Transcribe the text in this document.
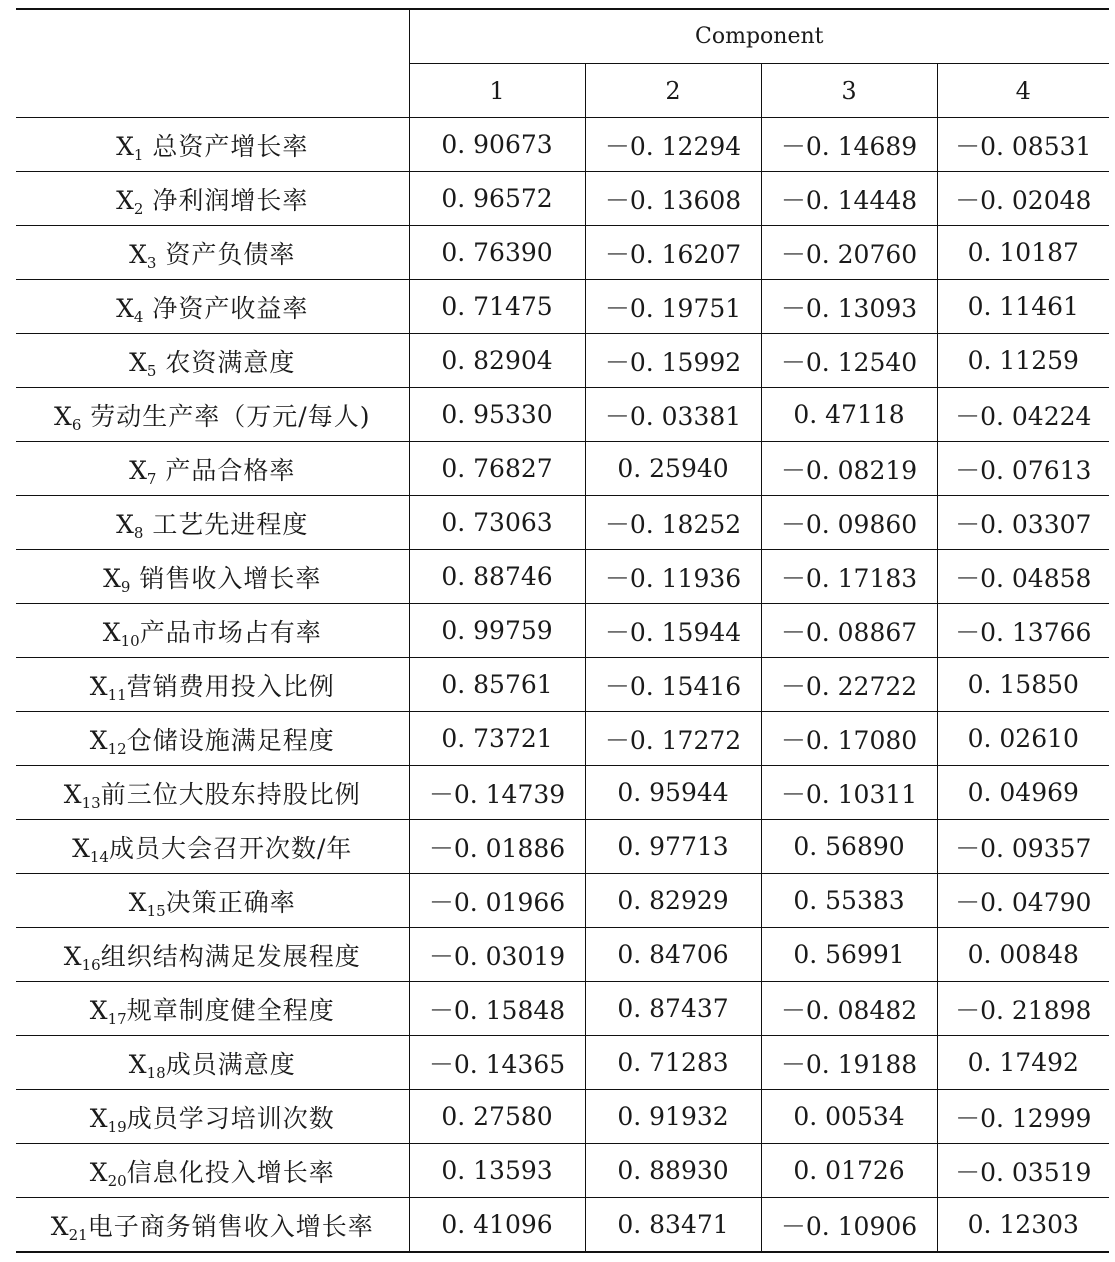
	Component			
	1	2	3	4
$X_1$ 总资产增长率	0. 90673	－0. 12294	－0. 14689	－0. 08531
$X_2$ 净利润增长率	0. 96572	－0. 13608	－0. 14448	－0. 02048
$X_3$ 资产负债率	0. 76390	－0. 16207	－0. 20760	0. 10187
$X_4$ 净资产收益率	0. 71475	－0. 19751	－0. 13093	0. 11461
$X_5$ 农资满意度	0. 82904	－0. 15992	－0. 12540	0. 11259
$X_6$ 劳动生产率（万元/每人)	0. 95330	－0. 03381	0. 47118	－0. 04224
$X_7$ 产品合格率	0. 76827	0. 25940	－0. 08219	－0. 07613
$X_8$ 工艺先进程度	0. 73063	－0. 18252	－0. 09860	－0. 03307
$X_9$ 销售收入增长率	0. 88746	－0. 11936	－0. 17183	－0. 04858
$X_{10}$产品市场占有率	0. 99759	－0. 15944	－0. 08867	－0. 13766
$X_{11}$营销费用投入比例	0. 85761	－0. 15416	－0. 22722	0. 15850
$X_{12}$仓储设施满足程度	0. 73721	－0. 17272	－0. 17080	0. 02610
$X_{13}$前三位大股东持股比例	－0. 14739	0. 95944	－0. 10311	0. 04969
$X_{14}$成员大会召开次数/年	－0. 01886	0. 97713	0. 56890	－0. 09357
$X_{15}$决策正确率	－0. 01966	0. 82929	0. 55383	－0. 04790
$X_{16}$组织结构满足发展程度	－0. 03019	0. 84706	0. 56991	0. 00848
$X_{17}$规章制度健全程度	－0. 15848	0. 87437	－0. 08482	－0. 21898
$X_{18}$成员满意度	－0. 14365	0. 71283	－0. 19188	0. 17492
$X_{19}$成员学习培训次数	0. 27580	0. 91932	0. 00534	－0. 12999
$X_{20}$信息化投入增长率	0. 13593	0. 88930	0. 01726	－0. 03519
$X_{21}$电子商务销售收入增长率	0. 41096	0. 83471	－0. 10906	0. 12303
